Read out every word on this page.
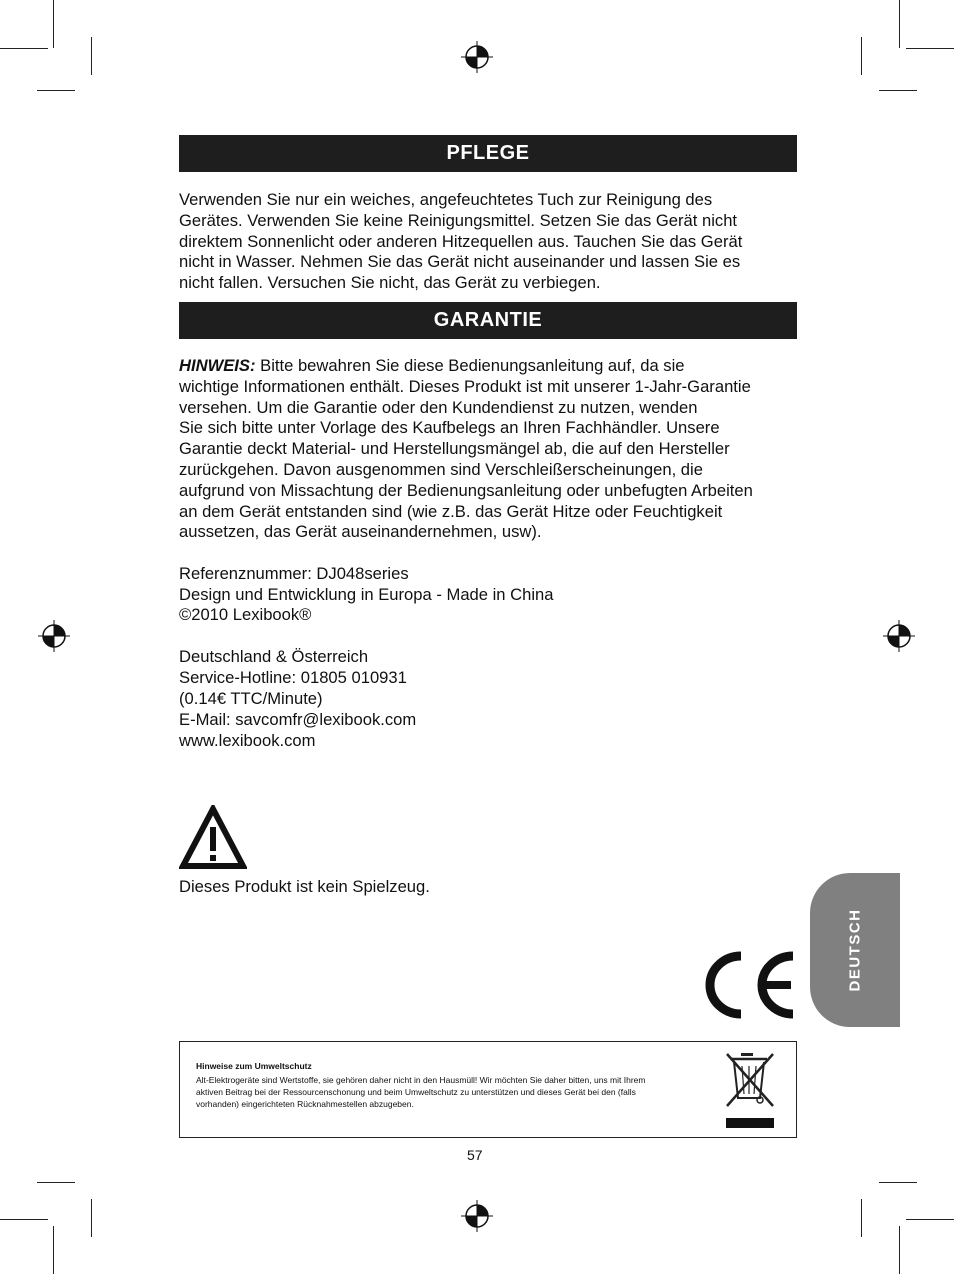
PFLEGE

Verwenden Sie nur ein weiches, angefeuchtetes Tuch zur Reinigung des
Gerätes. Verwenden Sie keine Reinigungsmittel. Setzen Sie das Gerät nicht
direktem Sonnenlicht oder anderen Hitzequellen aus. Tauchen Sie das Gerät
nicht in Wasser. Nehmen Sie das Gerät nicht auseinander und lassen Sie es
nicht fallen. Versuchen Sie nicht, das Gerät zu verbiegen.

GARANTIE

HINWEIS: Bitte bewahren Sie diese Bedienungsanleitung auf, da sie
wichtige Informationen enthält. Dieses Produkt ist mit unserer 1-Jahr-Garantie
versehen. Um die Garantie oder den Kundendienst zu nutzen, wenden
Sie sich bitte unter Vorlage des Kaufbelegs an Ihren Fachhändler. Unsere
Garantie deckt Material- und Herstellungsmängel ab, die auf den Hersteller
zurückgehen. Davon ausgenommen sind Verschleißerscheinungen, die
aufgrund von Missachtung der Bedienungsanleitung oder unbefugten Arbeiten
an dem Gerät entstanden sind (wie z.B. das Gerät Hitze oder Feuchtigkeit
aussetzen, das Gerät auseinandernehmen, usw).

Referenznummer: DJ048series
Design und Entwicklung in Europa - Made in China
©2010 Lexibook®
Deutschland & Österreich
Service-Hotline: 01805 010931
(0.14€ TTC/Minute)
E-Mail: savcomfr@lexibook.com
www.lexibook.com
Dieses Produkt ist kein Spielzeug.
DEUTSCH
Hinweise zum Umweltschutz
Alt-Elektrogeräte sind Wertstoffe, sie gehören daher nicht in den Hausmüll! Wir möchten Sie daher bitten, uns mit Ihrem
aktiven Beitrag bei der Ressourcenschonung und beim Umweltschutz zu unterstützen und dieses Gerät bei den (falls
vorhanden) eingerichteten Rücknahmestellen abzugeben.
57
